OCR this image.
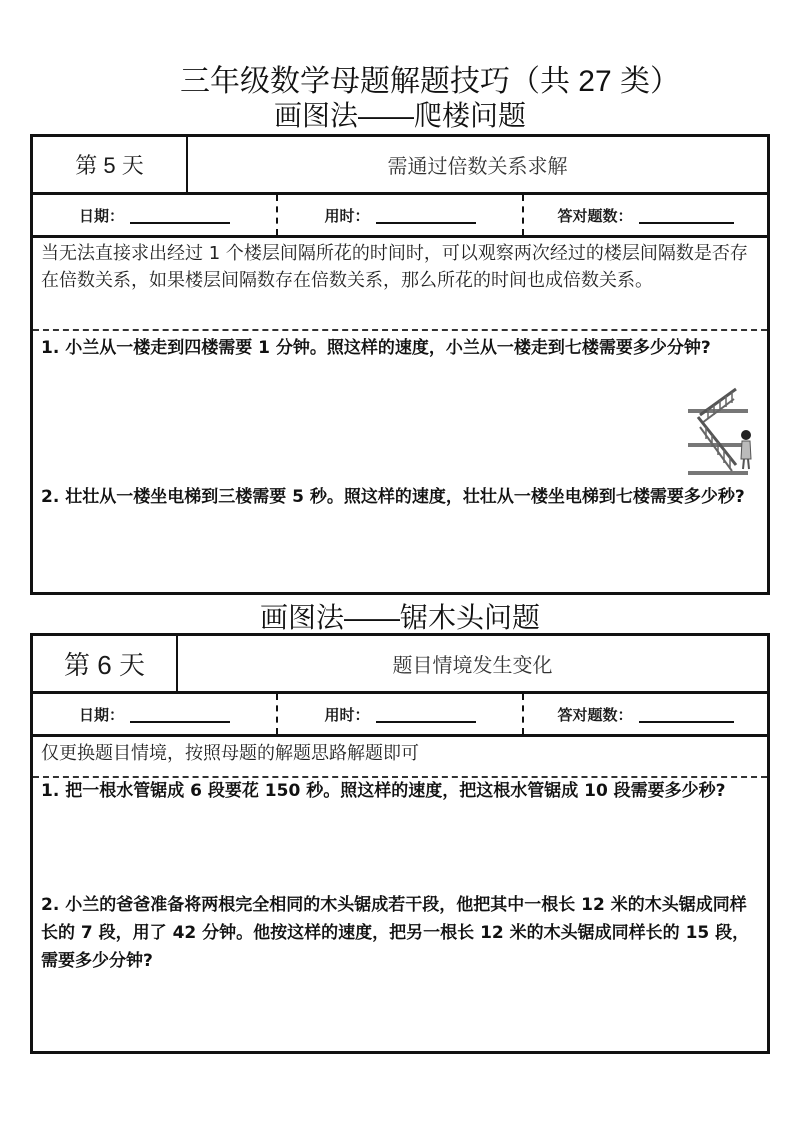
三年级数学母题解题技巧（共 27 类）
画图法——爬楼问题
第 5 天	需通过倍数关系求解
日期：	用时：	答对题数：
当无法直接求出经过 1 个楼层间隔所花的时间时，可以观察两次经过的楼层间隔数是否存在倍数关系，如果楼层间隔数存在倍数关系，那么所花的时间也成倍数关系。
1. 小兰从一楼走到四楼需要 1 分钟。照这样的速度，小兰从一楼走到七楼需要多少分钟?
2. 壮壮从一楼坐电梯到三楼需要 5 秒。照这样的速度，壮壮从一楼坐电梯到七楼需要多少秒?
画图法——锯木头问题
第 6 天	题目情境发生变化
日期：	用时：	答对题数：
仅更换题目情境，按照母题的解题思路解题即可
1. 把一根水管锯成 6 段要花 150 秒。照这样的速度，把这根水管锯成 10 段需要多少秒?
2. 小兰的爸爸准备将两根完全相同的木头锯成若干段，他把其中一根长 12 米的木头锯成同样长的 7 段，用了 42 分钟。他按这样的速度，把另一根长 12 米的木头锯成同样长的 15 段，需要多少分钟?
